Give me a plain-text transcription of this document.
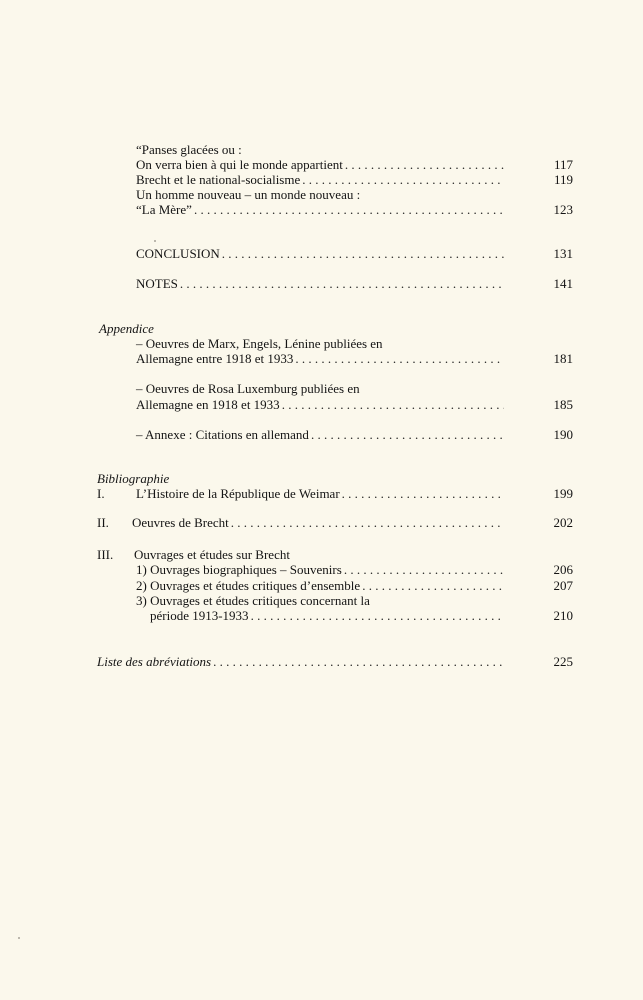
“Panses glacées ou :
On verra bien à qui le monde appartient . . .	117
Brecht et le national-socialisme . . .	119
Un homme nouveau – un monde nouveau :
“La Mère” . . .	123
CONCLUSION . . .	131
NOTES . . .	141
Appendice
– Oeuvres de Marx, Engels, Lénine publiées en
Allemagne entre 1918 et 1933 . . .	181
– Oeuvres de Rosa Luxemburg publiées en
Allemagne en 1918 et 1933 . . .	185
– Annexe : Citations en allemand . . .	190
Bibliographie
I. L’Histoire de la République de Weimar . . .	199
II. Oeuvres de Brecht . . .	202
III. Ouvrages et études sur Brecht
1) Ouvrages biographiques – Souvenirs . . .	206
2) Ouvrages et études critiques d’ensemble . . .	207
3) Ouvrages et études critiques concernant la
période 1913-1933 . . .	210
Liste des abréviations . . .	225
